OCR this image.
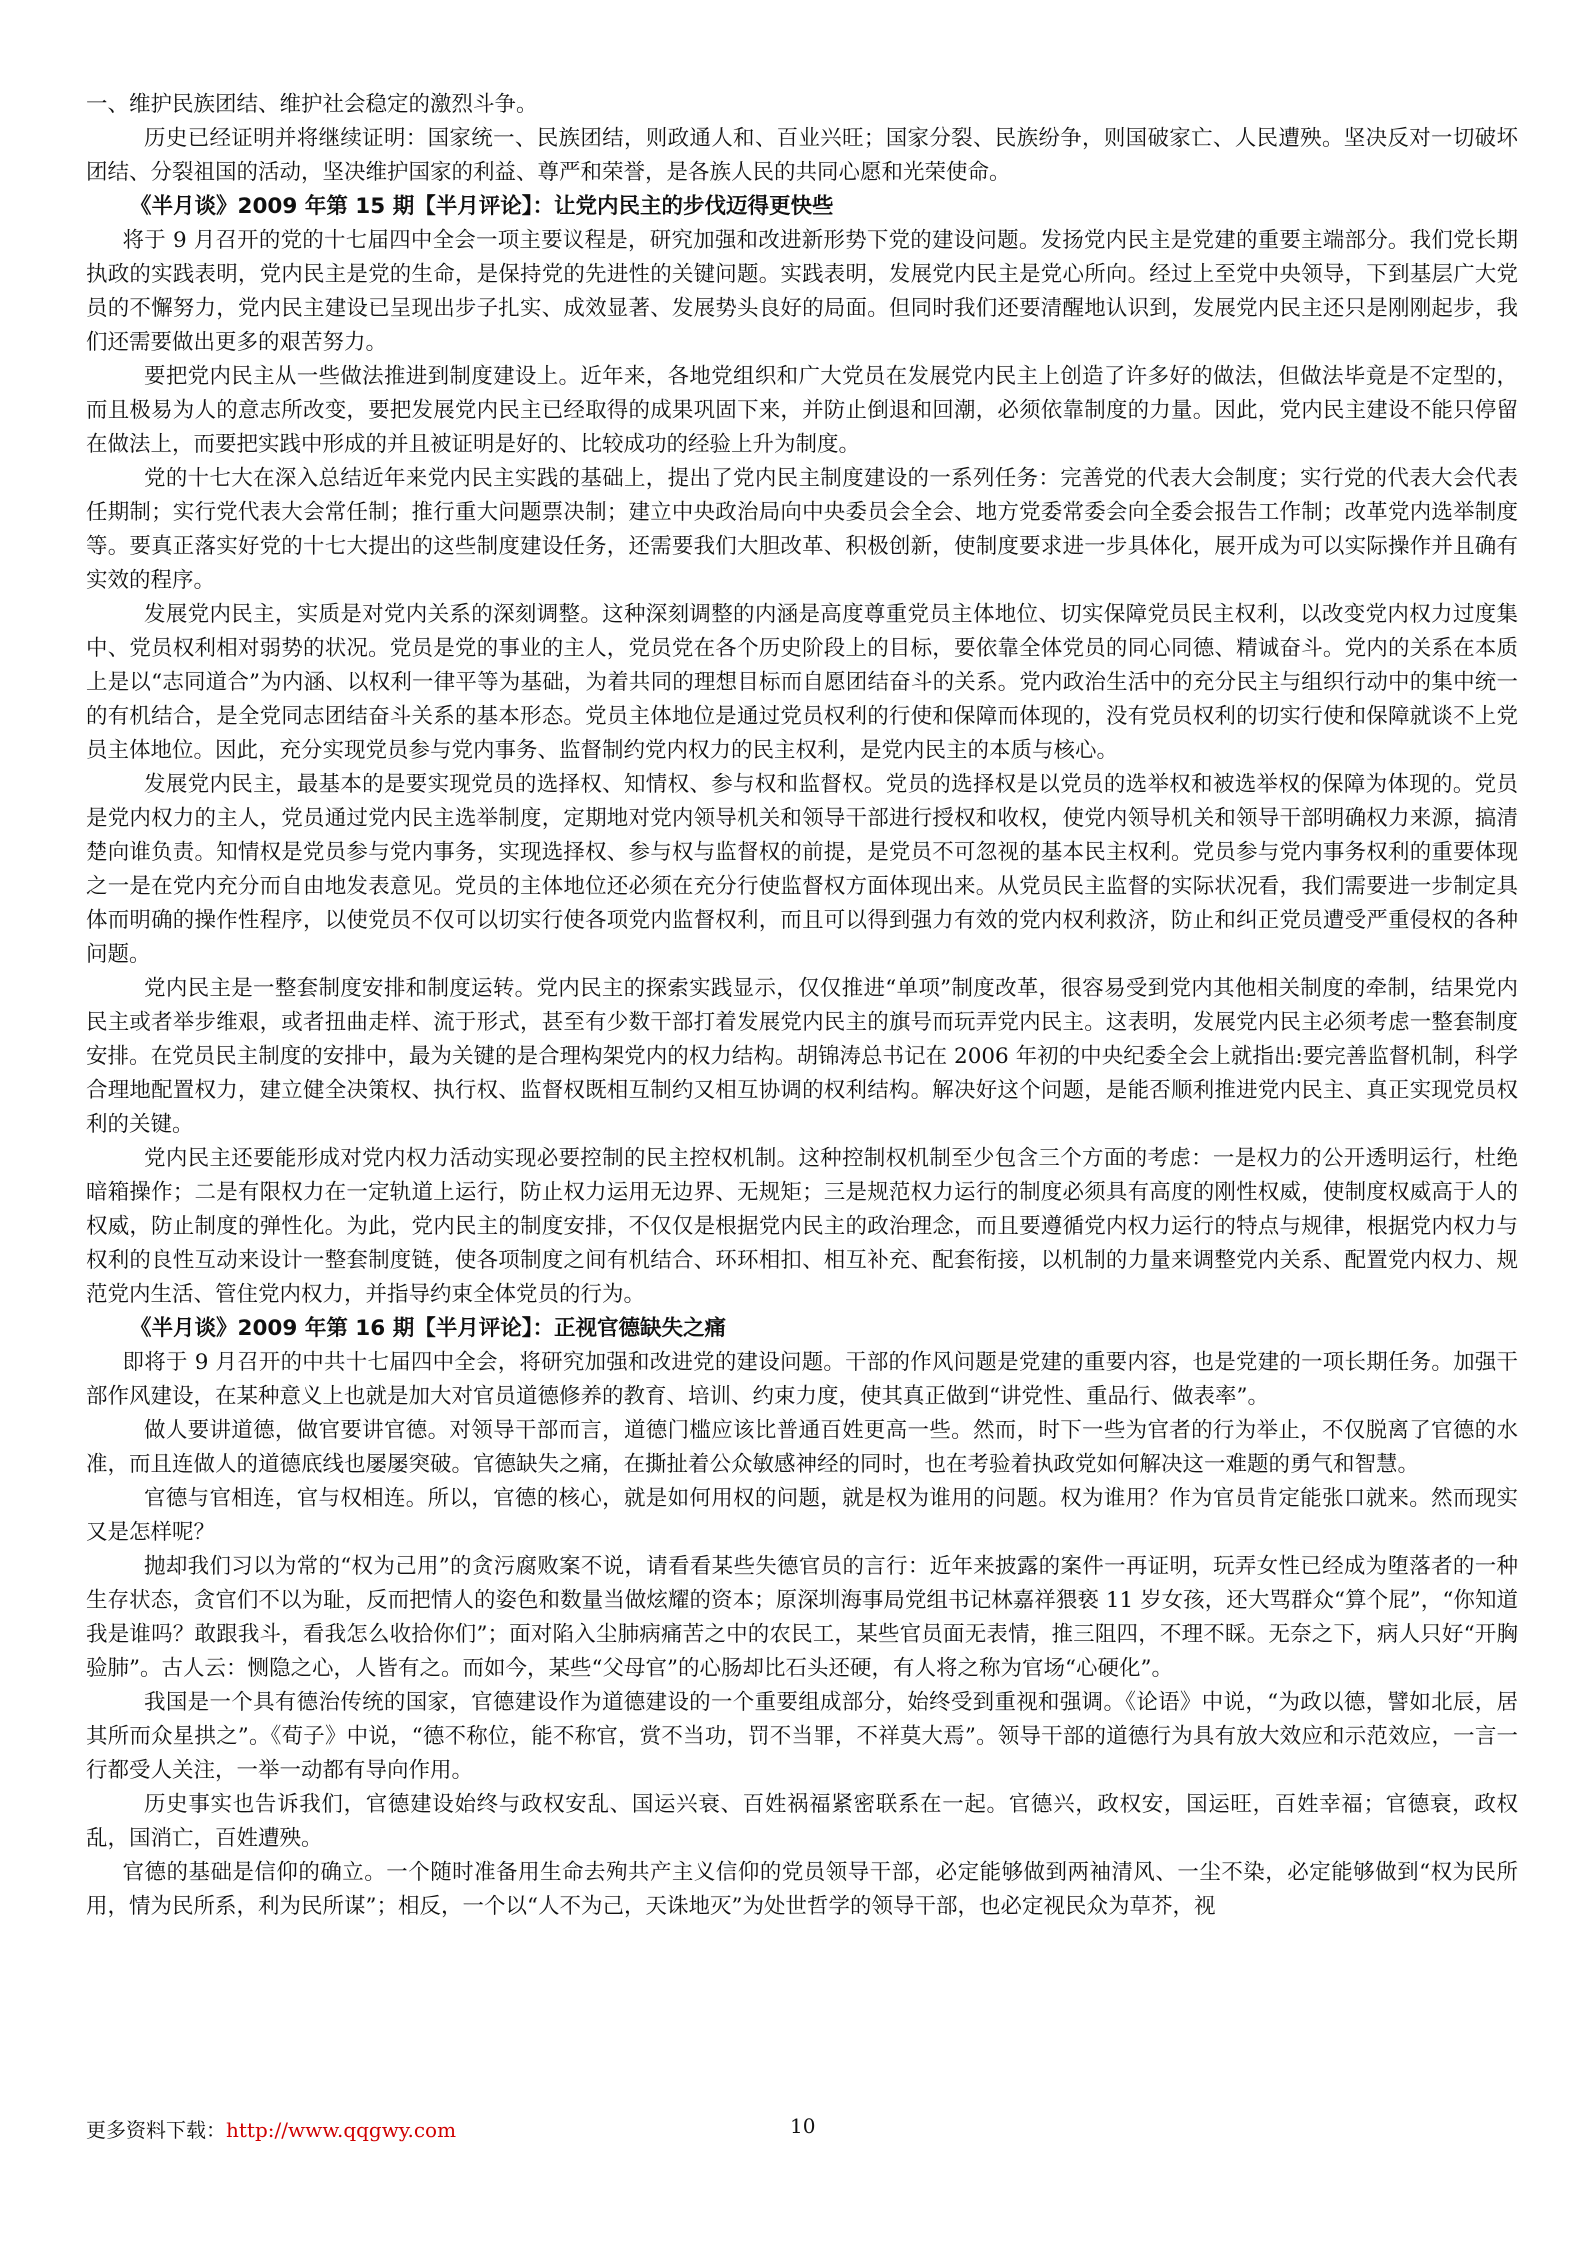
一、维护民族团结、维护社会稳定的激烈斗争。

历史已经证明并将继续证明：国家统一、民族团结，则政通人和、百业兴旺；国家分裂、民族纷争，则国破家亡、人民遭殃。坚决反对一切破坏团结、分裂祖国的活动，坚决维护国家的利益、尊严和荣誉，是各族人民的共同心愿和光荣使命。

《半月谈》2009 年第 15 期【半月评论】：让党内民主的步伐迈得更快些

将于 9 月召开的党的十七届四中全会一项主要议程是，研究加强和改进新形势下党的建设问题。发扬党内民主是党建的重要主端部分。我们党长期执政的实践表明，党内民主是党的生命，是保持党的先进性的关键问题。实践表明，发展党内民主是党心所向。经过上至党中央领导，下到基层广大党员的不懈努力，党内民主建设已呈现出步子扎实、成效显著、发展势头良好的局面。但同时我们还要清醒地认识到，发展党内民主还只是刚刚起步，我们还需要做出更多的艰苦努力。

要把党内民主从一些做法推进到制度建设上。近年来，各地党组织和广大党员在发展党内民主上创造了许多好的做法，但做法毕竟是不定型的，而且极易为人的意志所改变，要把发展党内民主已经取得的成果巩固下来，并防止倒退和回潮，必须依靠制度的力量。因此，党内民主建设不能只停留在做法上，而要把实践中形成的并且被证明是好的、比较成功的经验上升为制度。

党的十七大在深入总结近年来党内民主实践的基础上，提出了党内民主制度建设的一系列任务：完善党的代表大会制度；实行党的代表大会代表任期制；实行党代表大会常任制；推行重大问题票决制；建立中央政治局向中央委员会全会、地方党委常委会向全委会报告工作制；改革党内选举制度等。要真正落实好党的十七大提出的这些制度建设任务，还需要我们大胆改革、积极创新，使制度要求进一步具体化，展开成为可以实际操作并且确有实效的程序。

发展党内民主，实质是对党内关系的深刻调整。这种深刻调整的内涵是高度尊重党员主体地位、切实保障党员民主权利，以改变党内权力过度集中、党员权利相对弱势的状况。党员是党的事业的主人，党员党在各个历史阶段上的目标，要依靠全体党员的同心同德、精诚奋斗。党内的关系在本质上是以“志同道合”为内涵、以权利一律平等为基础，为着共同的理想目标而自愿团结奋斗的关系。党内政治生活中的充分民主与组织行动中的集中统一的有机结合，是全党同志团结奋斗关系的基本形态。党员主体地位是通过党员权利的行使和保障而体现的，没有党员权利的切实行使和保障就谈不上党员主体地位。因此，充分实现党员参与党内事务、监督制约党内权力的民主权利，是党内民主的本质与核心。

发展党内民主，最基本的是要实现党员的选择权、知情权、参与权和监督权。党员的选择权是以党员的选举权和被选举权的保障为体现的。党员是党内权力的主人，党员通过党内民主选举制度，定期地对党内领导机关和领导干部进行授权和收权，使党内领导机关和领导干部明确权力来源，搞清楚向谁负责。知情权是党员参与党内事务，实现选择权、参与权与监督权的前提，是党员不可忽视的基本民主权利。党员参与党内事务权利的重要体现之一是在党内充分而自由地发表意见。党员的主体地位还必须在充分行使监督权方面体现出来。从党员民主监督的实际状况看，我们需要进一步制定具体而明确的操作性程序，以使党员不仅可以切实行使各项党内监督权利，而且可以得到强力有效的党内权利救济，防止和纠正党员遭受严重侵权的各种问题。

党内民主是一整套制度安排和制度运转。党内民主的探索实践显示，仅仅推进“单项”制度改革，很容易受到党内其他相关制度的牵制，结果党内民主或者举步维艰，或者扭曲走样、流于形式，甚至有少数干部打着发展党内民主的旗号而玩弄党内民主。这表明，发展党内民主必须考虑一整套制度安排。在党员民主制度的安排中，最为关键的是合理构架党内的权力结构。胡锦涛总书记在 2006 年初的中央纪委全会上就指出:要完善监督机制，科学合理地配置权力，建立健全决策权、执行权、监督权既相互制约又相互协调的权利结构。解决好这个问题，是能否顺利推进党内民主、真正实现党员权利的关键。

党内民主还要能形成对党内权力活动实现必要控制的民主控权机制。这种控制权机制至少包含三个方面的考虑：一是权力的公开透明运行，杜绝暗箱操作；二是有限权力在一定轨道上运行，防止权力运用无边界、无规矩；三是规范权力运行的制度必须具有高度的刚性权威，使制度权威高于人的权威，防止制度的弹性化。为此，党内民主的制度安排，不仅仅是根据党内民主的政治理念，而且要遵循党内权力运行的特点与规律，根据党内权力与权利的良性互动来设计一整套制度链，使各项制度之间有机结合、环环相扣、相互补充、配套衔接，以机制的力量来调整党内关系、配置党内权力、规范党内生活、管住党内权力，并指导约束全体党员的行为。

《半月谈》2009 年第 16 期【半月评论】：正视官德缺失之痛

即将于 9 月召开的中共十七届四中全会，将研究加强和改进党的建设问题。干部的作风问题是党建的重要内容，也是党建的一项长期任务。加强干部作风建设，在某种意义上也就是加大对官员道德修养的教育、培训、约束力度，使其真正做到“讲党性、重品行、做表率”。

做人要讲道德，做官要讲官德。对领导干部而言，道德门槛应该比普通百姓更高一些。然而，时下一些为官者的行为举止，不仅脱离了官德的水准，而且连做人的道德底线也屡屡突破。官德缺失之痛，在撕扯着公众敏感神经的同时，也在考验着执政党如何解决这一难题的勇气和智慧。

官德与官相连，官与权相连。所以，官德的核心，就是如何用权的问题，就是权为谁用的问题。权为谁用？作为官员肯定能张口就来。然而现实又是怎样呢？

抛却我们习以为常的“权为己用”的贪污腐败案不说，请看看某些失德官员的言行：近年来披露的案件一再证明，玩弄女性已经成为堕落者的一种生存状态，贪官们不以为耻，反而把情人的姿色和数量当做炫耀的资本；原深圳海事局党组书记林嘉祥猥亵 11 岁女孩，还大骂群众“算个屁”，“你知道我是谁吗？敢跟我斗，看我怎么收拾你们”；面对陷入尘肺病痛苦之中的农民工，某些官员面无表情，推三阻四，不理不睬。无奈之下，病人只好“开胸验肺”。古人云：恻隐之心，人皆有之。而如今，某些“父母官”的心肠却比石头还硬，有人将之称为官场“心硬化”。

我国是一个具有德治传统的国家，官德建设作为道德建设的一个重要组成部分，始终受到重视和强调。《论语》中说，“为政以德，譬如北辰，居其所而众星拱之”。《荀子》中说，“德不称位，能不称官，赏不当功，罚不当罪，不祥莫大焉”。领导干部的道德行为具有放大效应和示范效应，一言一行都受人关注，一举一动都有导向作用。

历史事实也告诉我们，官德建设始终与政权安乱、国运兴衰、百姓祸福紧密联系在一起。官德兴，政权安，国运旺，百姓幸福；官德衰，政权乱，国消亡，百姓遭殃。

官德的基础是信仰的确立。一个随时准备用生命去殉共产主义信仰的党员领导干部，必定能够做到两袖清风、一尘不染，必定能够做到“权为民所用，情为民所系，利为民所谋”；相反，一个以“人不为己，天诛地灭”为处世哲学的领导干部，也必定视民众为草芥，视

更多资料下载：http://www.qqgwy.com	10
